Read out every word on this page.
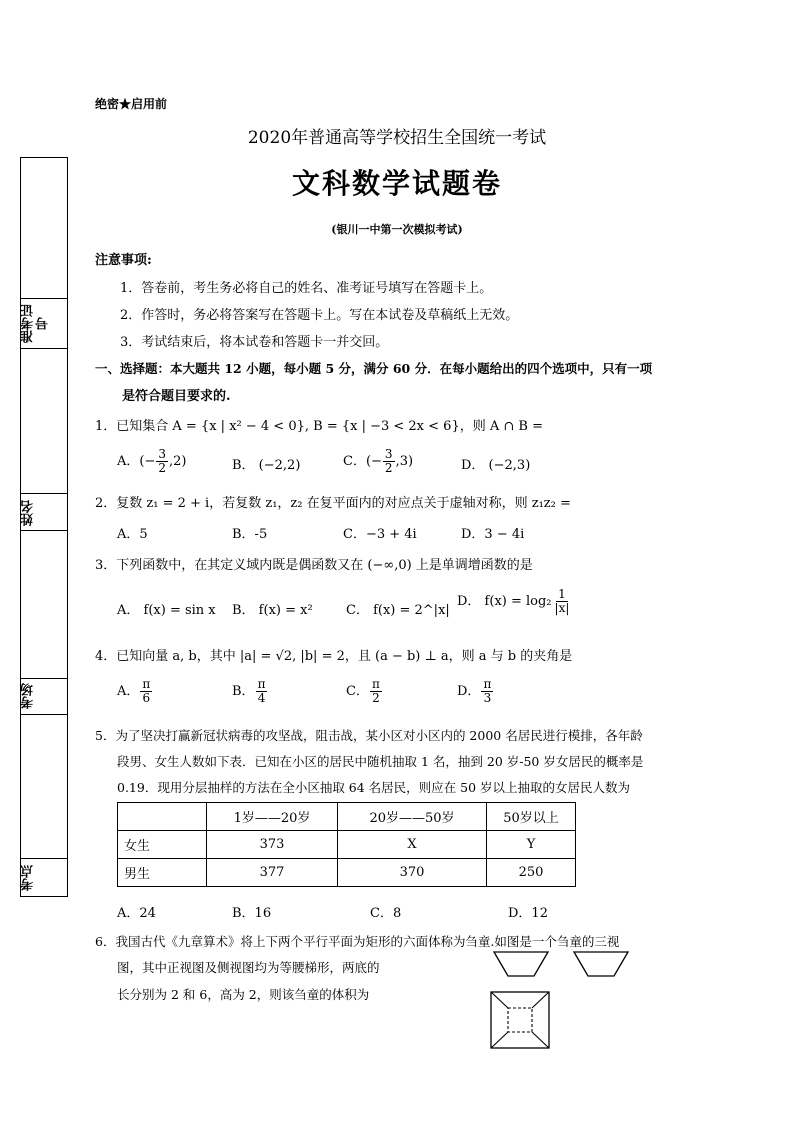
绝密★启用前
2020年普通高等学校招生全国统一考试
文科数学试题卷
(银川一中第一次模拟考试)
准考证号
姓名
考场
考点
注意事项:
1．答卷前，考生务必将自己的姓名、准考证号填写在答题卡上。
2．作答时，务必将答案写在答题卡上。写在本试卷及草稿纸上无效。
3．考试结束后，将本试卷和答题卡一并交回。
一、选择题：本大题共 12 小题，每小题 5 分，满分 60 分．在每小题给出的四个选项中，只有一项
是符合题目要求的.
1．已知集合 A = {x | x² − 4 < 0}, B = {x | −3 < 2x < 6}，则 A ∩ B =
A．(− $\frac{3}{2} ,2$)	B． (−2,2)	C．(− $\frac{3}{2} ,3$)	D． (−2,3)
2．复数 z₁ = 2 + i，若复数 z₁，z₂ 在复平面内的对应点关于虚轴对称，则 z₁z₂ =
A．5	B．-5	C．−3 + 4i	D．3 − 4i
3．下列函数中，在其定义域内既是偶函数又在 (−∞,0) 上是单调增函数的是
A． f(x) = sin x B． f(x) = x²	C． f(x) = 2^|x|
D． $f(x) = \log_2 \frac{1}{|x|}$
4．已知向量 a, b，其中 |a| = √2, |b| = 2，且 (a − b) ⊥ a，则 a 与 b 的夹角是
A． $\frac{\pi}{6}$	B． $\frac{\pi}{4}$	C． $\frac{\pi}{2}$	D． $\frac{\pi}{3}$
5．为了坚决打赢新冠状病毒的攻坚战，阻击战，某小区对小区内的 2000 名居民进行模排，各年龄
段男、女生人数如下表．已知在小区的居民中随机抽取 1 名，抽到 20 岁-50 岁女居民的概率是
0.19．现用分层抽样的方法在全小区抽取 64 名居民，则应在 50 岁以上抽取的女居民人数为
	1岁——20岁	20岁——50岁	50岁以上
女生	373	X	Y
男生	377	370	250
A．24	B．16	C．8	D．12
6．我国古代《九章算术》将上下两个平行平面为矩形的六面体称为刍童.如图是一个刍童的三视
图，其中正视图及侧视图均为等腰梯形，两底的
长分别为 2 和 6，高为 2，则该刍童的体积为
